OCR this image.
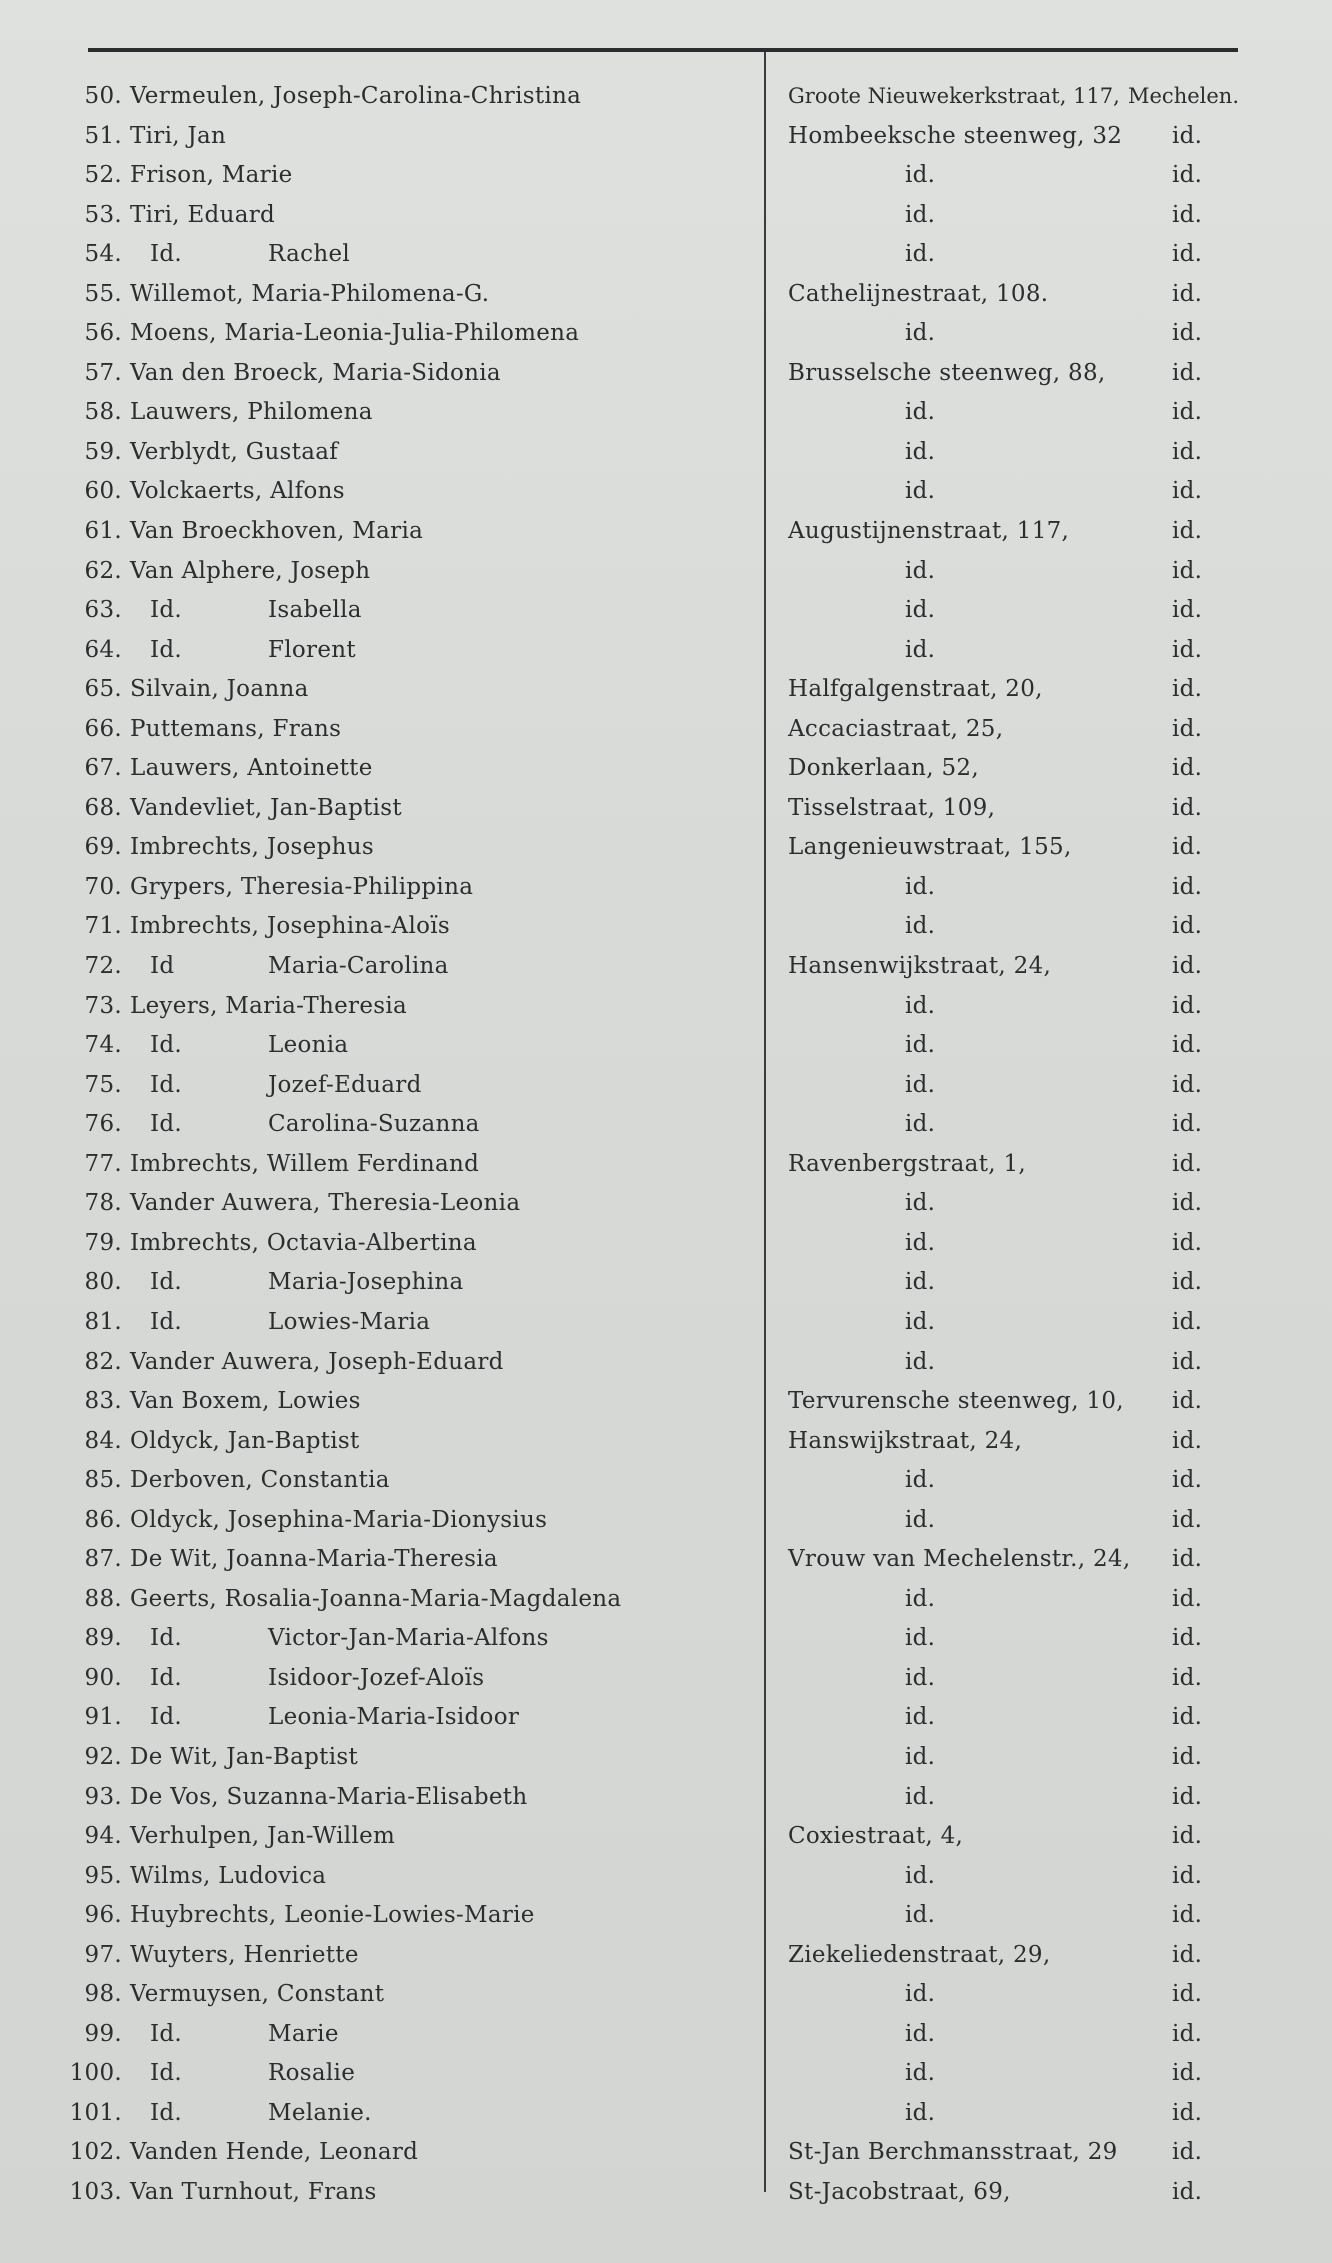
50. Vermeulen, Joseph-Carolina-Christina	Groote Nieuwekerkstraat, 117, Mechelen.
51. Tiri, Jan	Hombeeksche steenweg, 32 id.
52. Frison, Marie	id.	id.
53. Tiri, Eduard	id.	id.
54. Id.	Rachel	id.	id.
55. Willemot, Maria-Philomena-G.	Cathelijnestraat, 108.	id.
56. Moens, Maria-Leonia-Julia-Philomena	id.	id.
57. Van den Broeck, Maria-Sidonia	Brusselsche steenweg, 88,	id.
58. Lauwers, Philomena	id.	id.
59. Verblydt, Gustaaf	id.	id.
60. Volckaerts, Alfons	id.	id.
61. Van Broeckhoven, Maria	Augustijnenstraat, 117,	id.
62. Van Alphere, Joseph	id.	id.
63. Id.	Isabella	id.	id.
64. Id.	Florent	id.	id.
65. Silvain, Joanna	Halfgalgenstraat, 20,	id.
66. Puttemans, Frans	Accaciastraat, 25,	id.
67. Lauwers, Antoinette	Donkerlaan, 52,	id.
68. Vandevliet, Jan-Baptist	Tisselstraat, 109,	id.
69. Imbrechts, Josephus	Langenieuwstraat, 155,	id.
70. Grypers, Theresia-Philippina	id.	id.
71. Imbrechts, Josephina-Aloïs	id.	id.
72. Id	Maria-Carolina	Hansenwijkstraat, 24,	id.
73. Leyers, Maria-Theresia	id.	id.
74. Id.	Leonia	id.	id.
75. Id.	Jozef-Eduard	id.	id.
76. Id.	Carolina-Suzanna	id.	id.
77. Imbrechts, Willem Ferdinand	Ravenbergstraat, 1,	id.
78. Vander Auwera, Theresia-Leonia	id.	id.
79. Imbrechts, Octavia-Albertina	id.	id.
80. Id.	Maria-Josephina	id.	id.
81. Id.	Lowies-Maria	id.	id.
82. Vander Auwera, Joseph-Eduard	id.	id.
83. Van Boxem, Lowies	Tervurensche steenweg, 10, id.
84. Oldyck, Jan-Baptist	Hanswijkstraat, 24,	id.
85. Derboven, Constantia	id.	id.
86. Oldyck, Josephina-Maria-Dionysius	id.	id.
87. De Wit, Joanna-Maria-Theresia	Vrouw van Mechelenstr., 24, id.
88. Geerts, Rosalia-Joanna-Maria-Magdalena	id.	id.
89. Id.	Victor-Jan-Maria-Alfons	id.	id.
90. Id.	Isidoor-Jozef-Aloïs	id.	id.
91. Id.	Leonia-Maria-Isidoor	id.	id.
92. De Wit, Jan-Baptist	id.	id.
93. De Vos, Suzanna-Maria-Elisabeth	id.	id.
94. Verhulpen, Jan-Willem	Coxiestraat, 4,	id.
95. Wilms, Ludovica	id.	id.
96. Huybrechts, Leonie-Lowies-Marie	id.	id.
97. Wuyters, Henriette	Ziekeliedenstraat, 29,	id.
98. Vermuysen, Constant	id.	id.
99. Id.	Marie	id.	id.
100. Id.	Rosalie	id.	id.
101. Id.	Melanie.	id.	id.
102. Vanden Hende, Leonard	St-Jan Berchmansstraat, 29 id.
103. Van Turnhout, Frans	St-Jacobstraat, 69,	id.
